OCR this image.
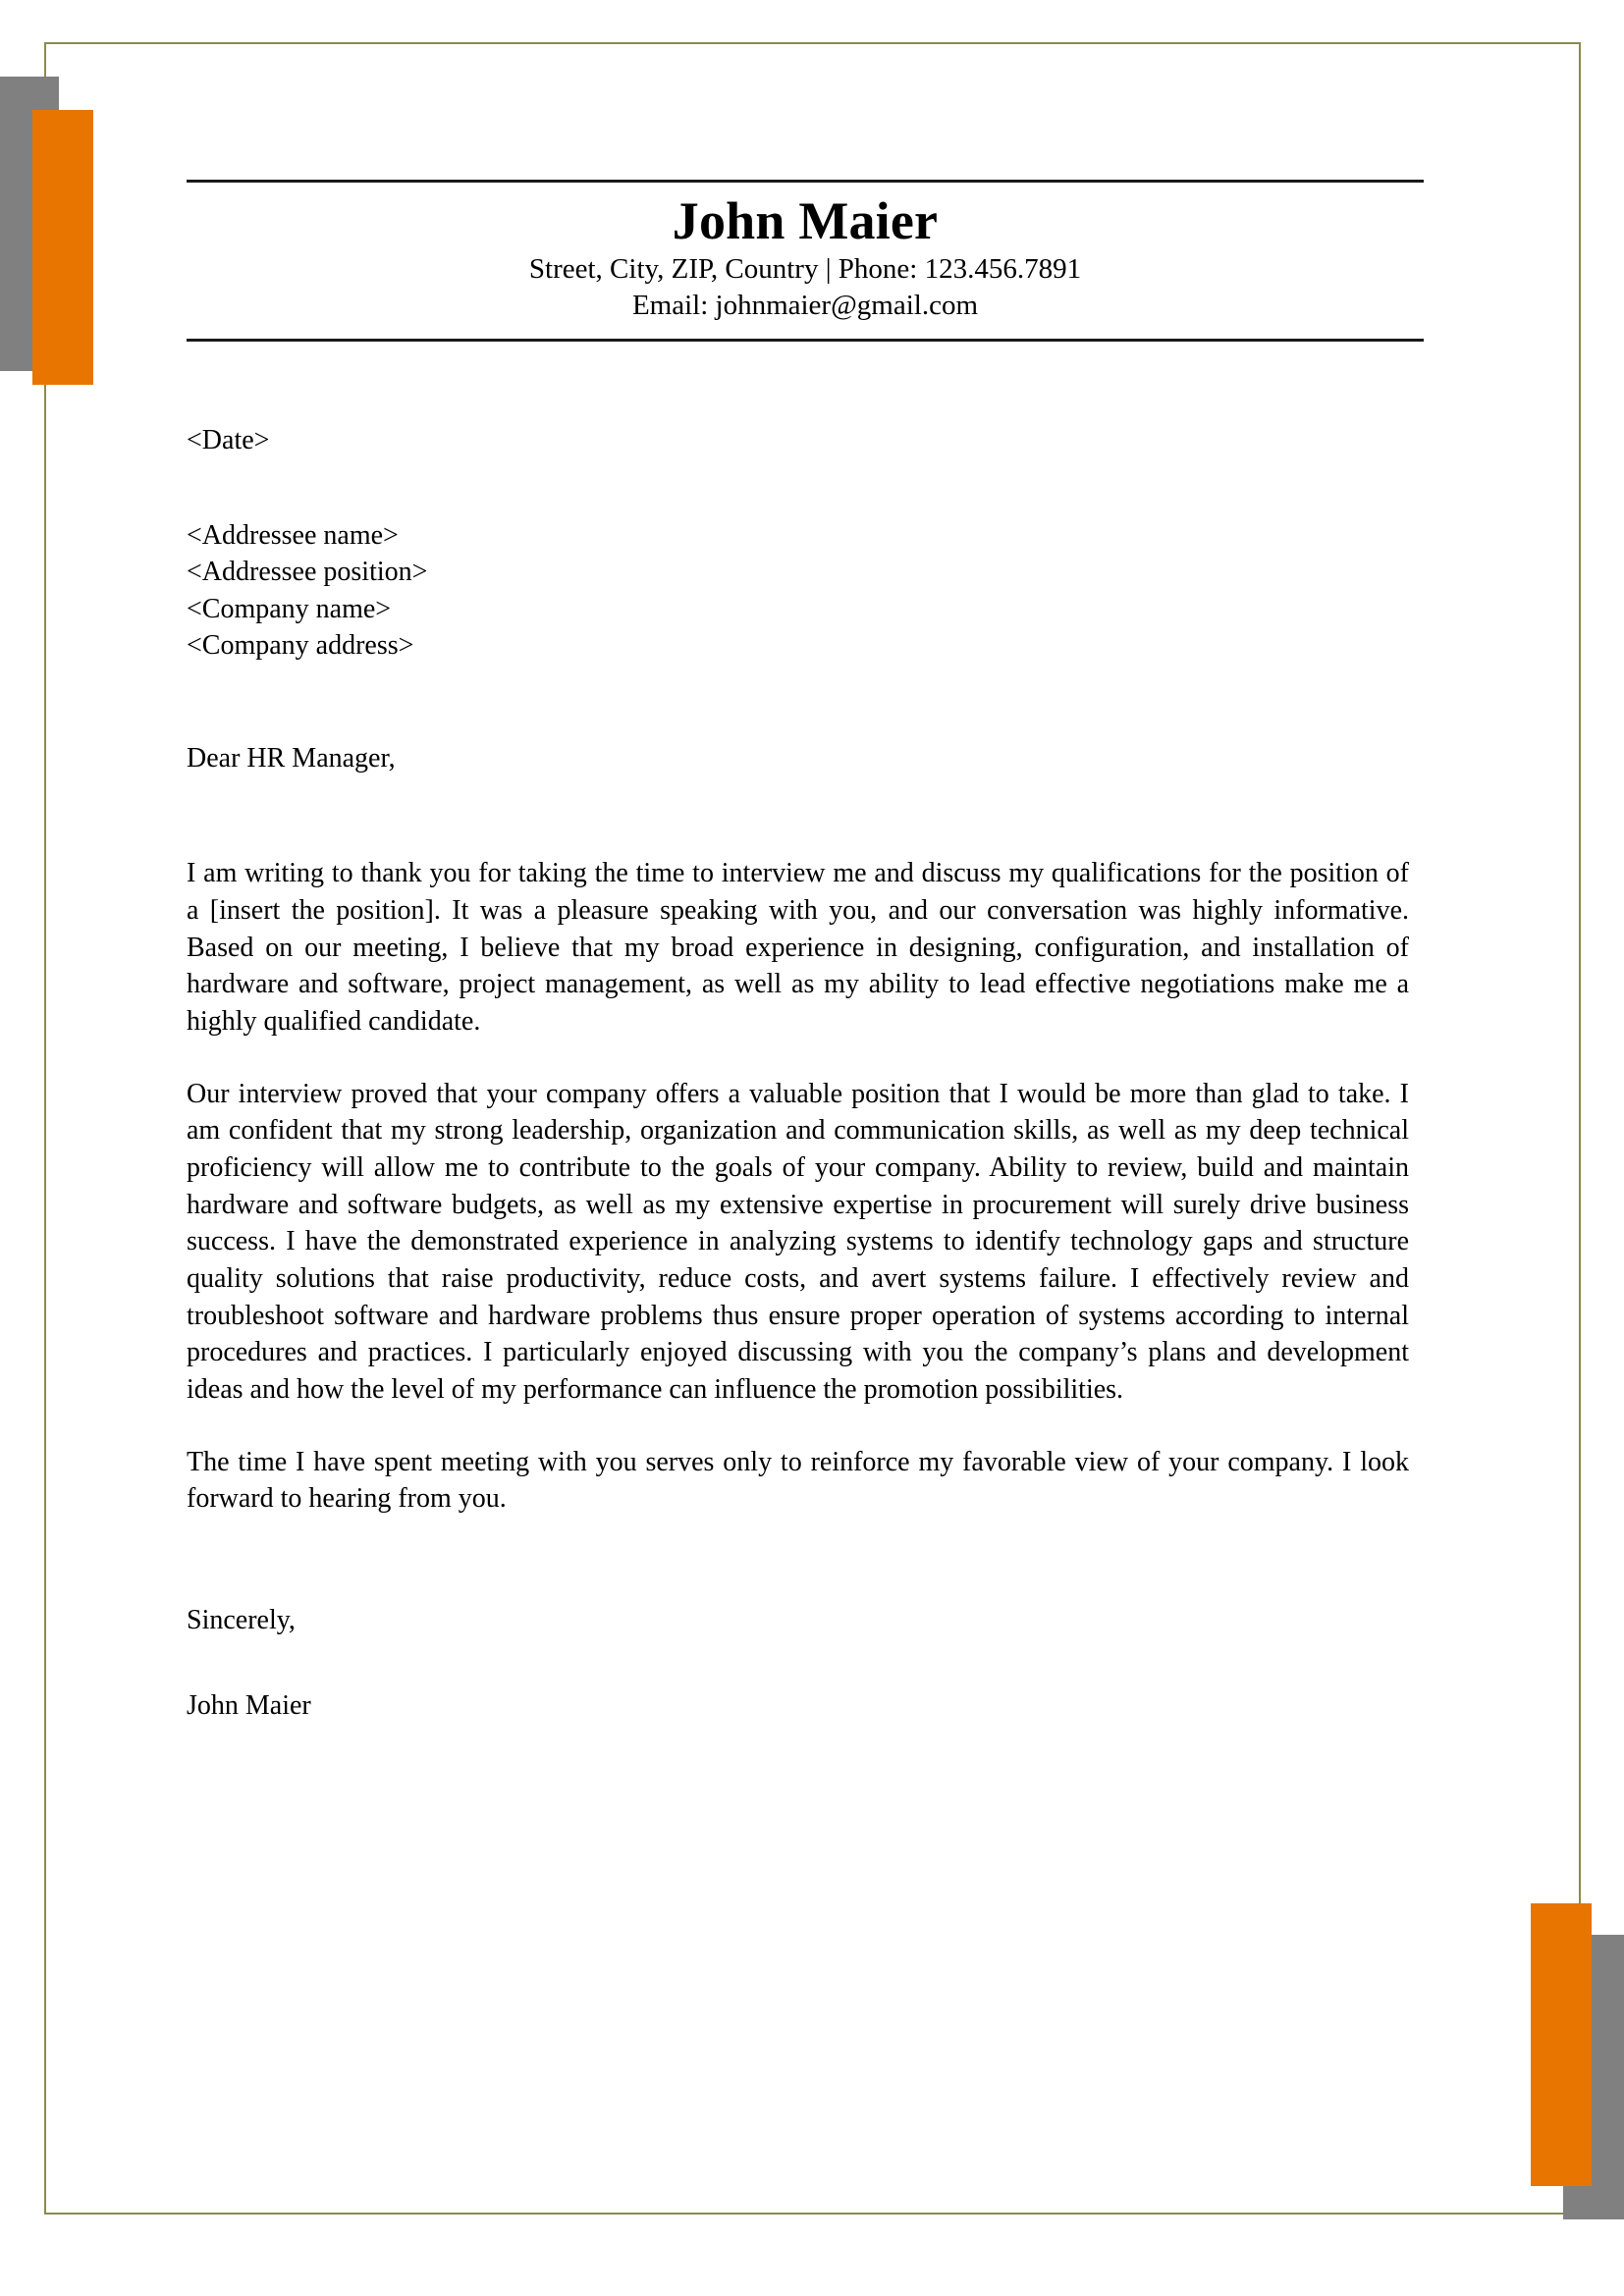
John Maier
Street, City, ZIP, Country | Phone: 123.456.7891
Email: johnmaier@gmail.com
<Date>
<Addressee name>
<Addressee position>
<Company name>
<Company address>
Dear HR Manager,

I am writing to thank you for taking the time to interview me and discuss my qualifications for the position of a [insert the position]. It was a pleasure speaking with you, and our conversation was highly informative. Based on our meeting, I believe that my broad experience in designing, configuration, and installation of hardware and software, project management, as well as my ability to lead effective negotiations make me a highly qualified candidate.

Our interview proved that your company offers a valuable position that I would be more than glad to take. I am confident that my strong leadership, organization and communication skills, as well as my deep technical proficiency will allow me to contribute to the goals of your company. Ability to review, build and maintain hardware and software budgets, as well as my extensive expertise in procurement will surely drive business success. I have the demonstrated experience in analyzing systems to identify technology gaps and structure quality solutions that raise productivity, reduce costs, and avert systems failure. I effectively review and troubleshoot software and hardware problems thus ensure proper operation of systems according to internal procedures and practices. I particularly enjoyed discussing with you the company’s plans and development ideas and how the level of my performance can influence the promotion possibilities.

The time I have spent meeting with you serves only to reinforce my favorable view of your company. I look forward to hearing from you.

Sincerely,
John Maier
